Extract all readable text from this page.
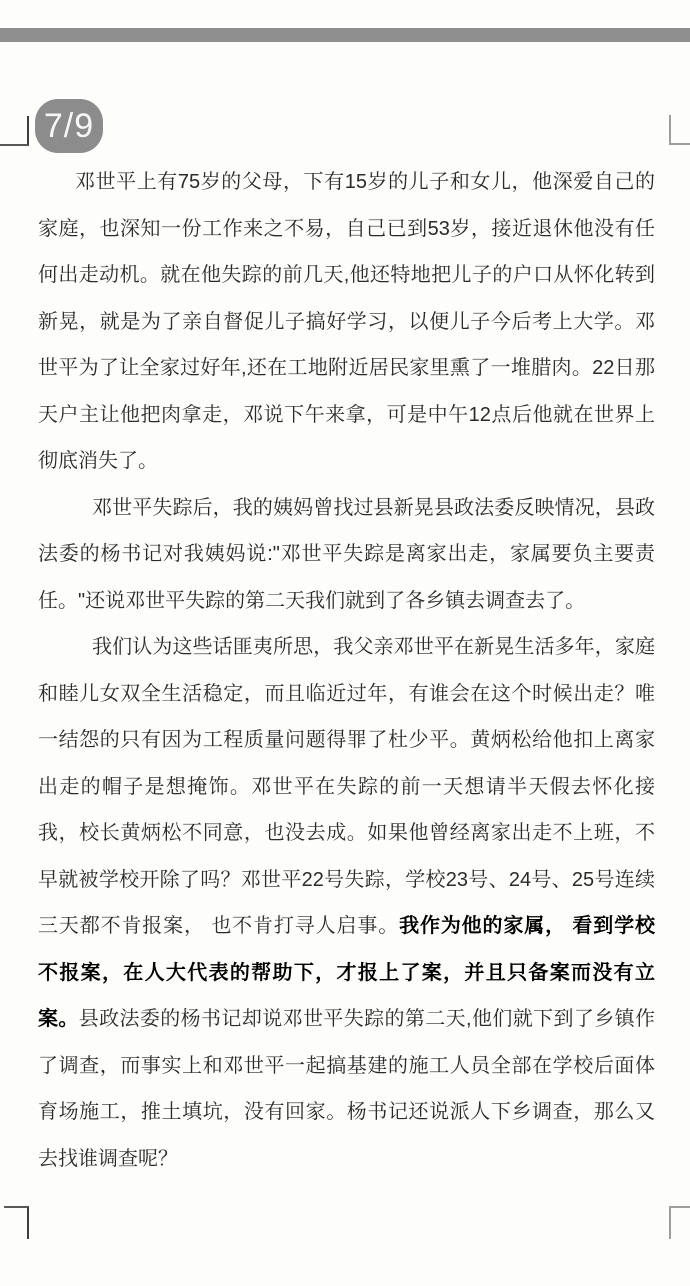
7/9
邓世平上有75岁的父母，下有15岁的儿子和女儿，他深爱自己的
家庭，也深知一份工作来之不易，自己已到53岁，接近退休他没有任
何出走动机。就在他失踪的前几天,他还特地把儿子的户口从怀化转到
新晃，就是为了亲自督促儿子搞好学习，以便儿子今后考上大学。邓
世平为了让全家过好年,还在工地附近居民家里熏了一堆腊肉。22日那
天户主让他把肉拿走，邓说下午来拿，可是中午12点后他就在世界上
彻底消失了。
邓世平失踪后，我的姨妈曾找过县新晃县政法委反映情况，县政
法委的杨书记对我姨妈说:"邓世平失踪是离家出走，家属要负主要责
任。"还说邓世平失踪的第二天我们就到了各乡镇去调查去了。
我们认为这些话匪夷所思，我父亲邓世平在新晃生活多年，家庭
和睦儿女双全生活稳定，而且临近过年，有谁会在这个时候出走？唯
一结怨的只有因为工程质量问题得罪了杜少平。黄炳松给他扣上离家
出走的帽子是想掩饰。邓世平在失踪的前一天想请半天假去怀化接
我，校长黄炳松不同意，也没去成。如果他曾经离家出走不上班，不
早就被学校开除了吗？邓世平22号失踪，学校23号、24号、25号连续
三天都不肯报案， 也不肯打寻人启事。我作为他的家属， 看到学校
不报案，在人大代表的帮助下，才报上了案，并且只备案而没有立
案。县政法委的杨书记却说邓世平失踪的第二天,他们就下到了乡镇作
了调查，而事实上和邓世平一起搞基建的施工人员全部在学校后面体
育场施工，推土填坑，没有回家。杨书记还说派人下乡调查，那么又
去找谁调查呢？
